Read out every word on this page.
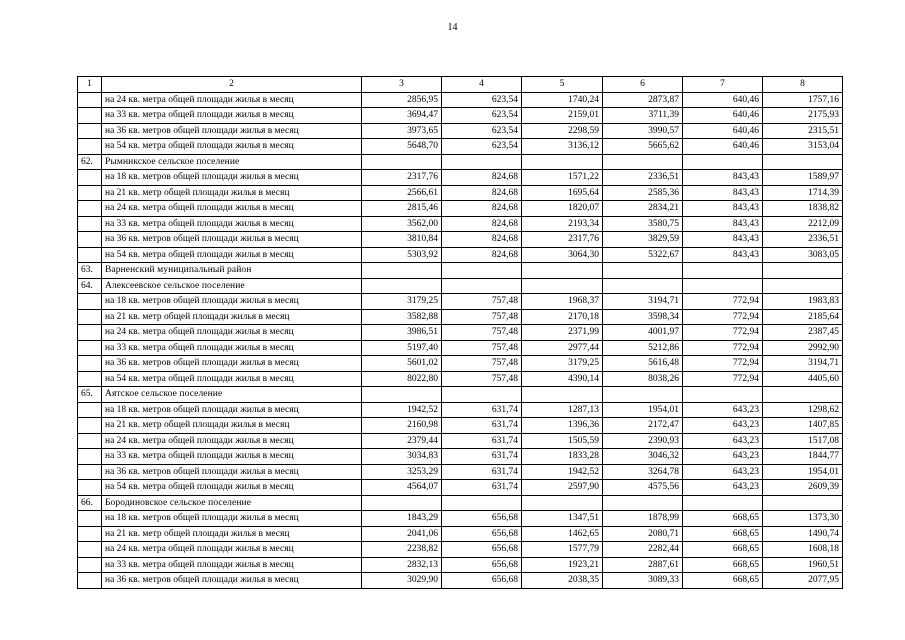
14
1	2	3	4	5	6	7	8
	на 24 кв. метра общей площади жилья в месяц	2856,95	623,54	1740,24	2873,87	640,46	1757,16
	на 33 кв. метра общей площади жилья в месяц	3694,47	623,54	2159,01	3711,39	640,46	2175,93
	на 36 кв. метров общей площади жилья в месяц	3973,65	623,54	2298,59	3990,57	640,46	2315,51
	на 54 кв. метра общей площади жилья в месяц	5648,70	623,54	3136,12	5665,62	640,46	3153,04
62.	Рымникское сельское поселение						
	на 18 кв. метров общей площади жилья в месяц	2317,76	824,68	1571,22	2336,51	843,43	1589,97
	на 21 кв. метр общей площади жилья в месяц	2566,61	824,68	1695,64	2585,36	843,43	1714,39
	на 24 кв. метра общей площади жилья в месяц	2815,46	824,68	1820,07	2834,21	843,43	1838,82
	на 33 кв. метра общей площади жилья в месяц	3562,00	824,68	2193,34	3580,75	843,43	2212,09
	на 36 кв. метров общей площади жилья в месяц	3810,84	824,68	2317,76	3829,59	843,43	2336,51
	на 54 кв. метра общей площади жилья в месяц	5303,92	824,68	3064,30	5322,67	843,43	3083,05
63.	Варненский муниципальный район						
64.	Алексеевское сельское поселение						
	на 18 кв. метров общей площади жилья в месяц	3179,25	757,48	1968,37	3194,71	772,94	1983,83
	на 21 кв. метр общей площади жилья в месяц	3582,88	757,48	2170,18	3598,34	772,94	2185,64
	на 24 кв. метра общей площади жилья в месяц	3986,51	757,48	2371,99	4001,97	772,94	2387,45
	на 33 кв. метра общей площади жилья в месяц	5197,40	757,48	2977,44	5212,86	772,94	2992,90
	на 36 кв. метров общей площади жилья в месяц	5601,02	757,48	3179,25	5616,48	772,94	3194,71
	на 54 кв. метра общей площади жилья в месяц	8022,80	757,48	4390,14	8038,26	772,94	4405,60
65.	Аятское сельское поселение						
	на 18 кв. метров общей площади жилья в месяц	1942,52	631,74	1287,13	1954,01	643,23	1298,62
	на 21 кв. метр общей площади жилья в месяц	2160,98	631,74	1396,36	2172,47	643,23	1407,85
	на 24 кв. метра общей площади жилья в месяц	2379,44	631,74	1505,59	2390,93	643,23	1517,08
	на 33 кв. метра общей площади жилья в месяц	3034,83	631,74	1833,28	3046,32	643,23	1844,77
	на 36 кв. метров общей площади жилья в месяц	3253,29	631,74	1942,52	3264,78	643,23	1954,01
	на 54 кв. метра общей площади жилья в месяц	4564,07	631,74	2597,90	4575,56	643,23	2609,39
66.	Бородиновское сельское поселение						
	на 18 кв. метров общей площади жилья в месяц	1843,29	656,68	1347,51	1878,99	668,65	1373,30
	на 21 кв. метр общей площади жилья в месяц	2041,06	656,68	1462,65	2080,71	668,65	1490,74
	на 24 кв. метра общей площади жилья в месяц	2238,82	656,68	1577,79	2282,44	668,65	1608,18
	на 33 кв. метра общей площади жилья в месяц	2832,13	656,68	1923,21	2887,61	668,65	1960,51
	на 36 кв. метров общей площади жилья в месяц	3029,90	656,68	2038,35	3089,33	668,65	2077,95
